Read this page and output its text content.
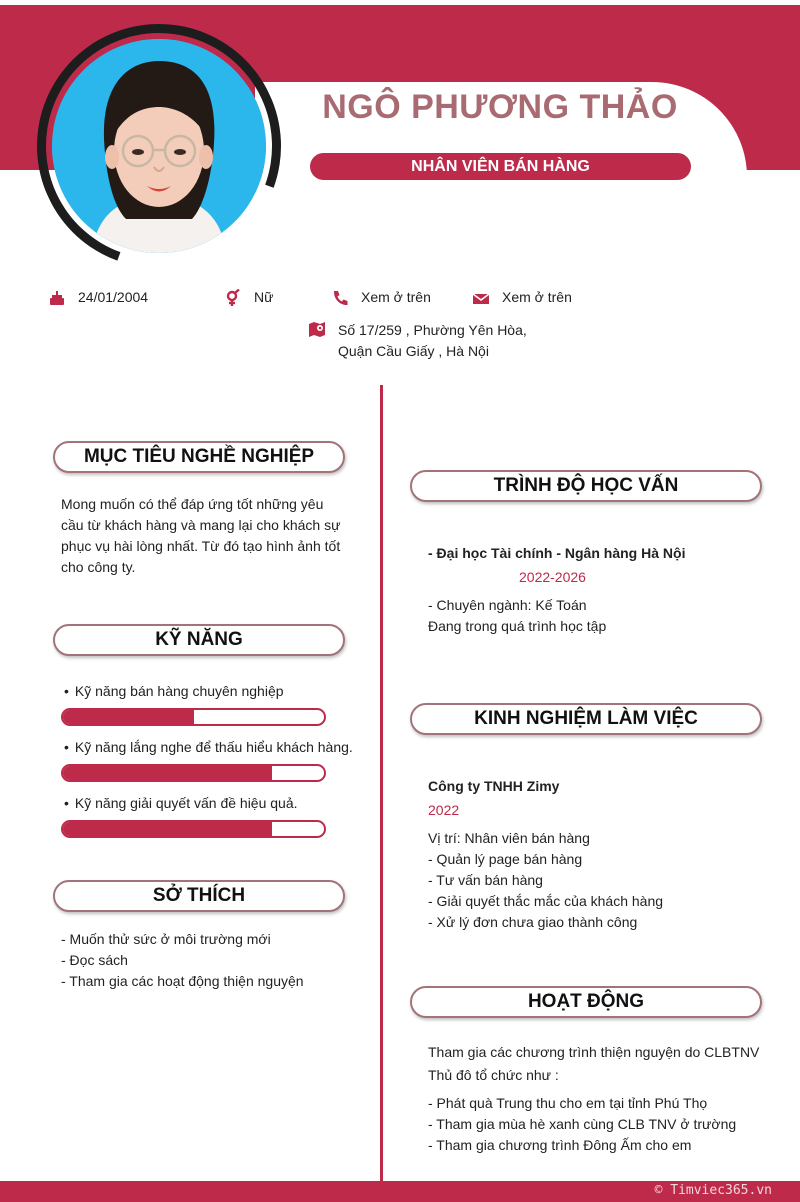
NGÔ PHƯƠNG THẢO
NHÂN VIÊN BÁN HÀNG
24/01/2004	Nữ	Xem ở trên	Xem ở trên
Số 17/259 , Phường Yên Hòa,
Quận Cầu Giấy , Hà Nội
MỤC TIÊU NGHỀ NGHIỆP
Mong muốn có thể đáp ứng tốt những yêu
cầu từ khách hàng và mang lại cho khách sự
phục vụ hài lòng nhất. Từ đó tạo hình ảnh tốt
cho công ty.
KỸ NĂNG
• Kỹ năng bán hàng chuyên nghiệp
• Kỹ năng lắng nghe để thấu hiểu khách hàng.
• Kỹ năng giải quyết vấn đề hiệu quả.
SỞ THÍCH
- Muốn thử sức ở môi trường mới
- Đọc sách
- Tham gia các hoạt động thiện nguyện
TRÌNH ĐỘ HỌC VẤN
- Đại học Tài chính - Ngân hàng Hà Nội
2022-2026
- Chuyên ngành: Kế Toán
Đang trong quá trình học tập
KINH NGHIỆM LÀM VIỆC
Công ty TNHH Zimy
2022
Vị trí: Nhân viên bán hàng
- Quản lý page bán hàng
- Tư vấn bán hàng
- Giải quyết thắc mắc của khách hàng
- Xử lý đơn chưa giao thành công
HOẠT ĐỘNG
Tham gia các chương trình thiện nguyện do CLBTNV
Thủ đô tổ chức như :
- Phát quà Trung thu cho em tại tỉnh Phú Thọ
- Tham gia mùa hè xanh cùng CLB TNV ở trường
- Tham gia chương trình Đông Ấm cho em
© Timviec365.vn
